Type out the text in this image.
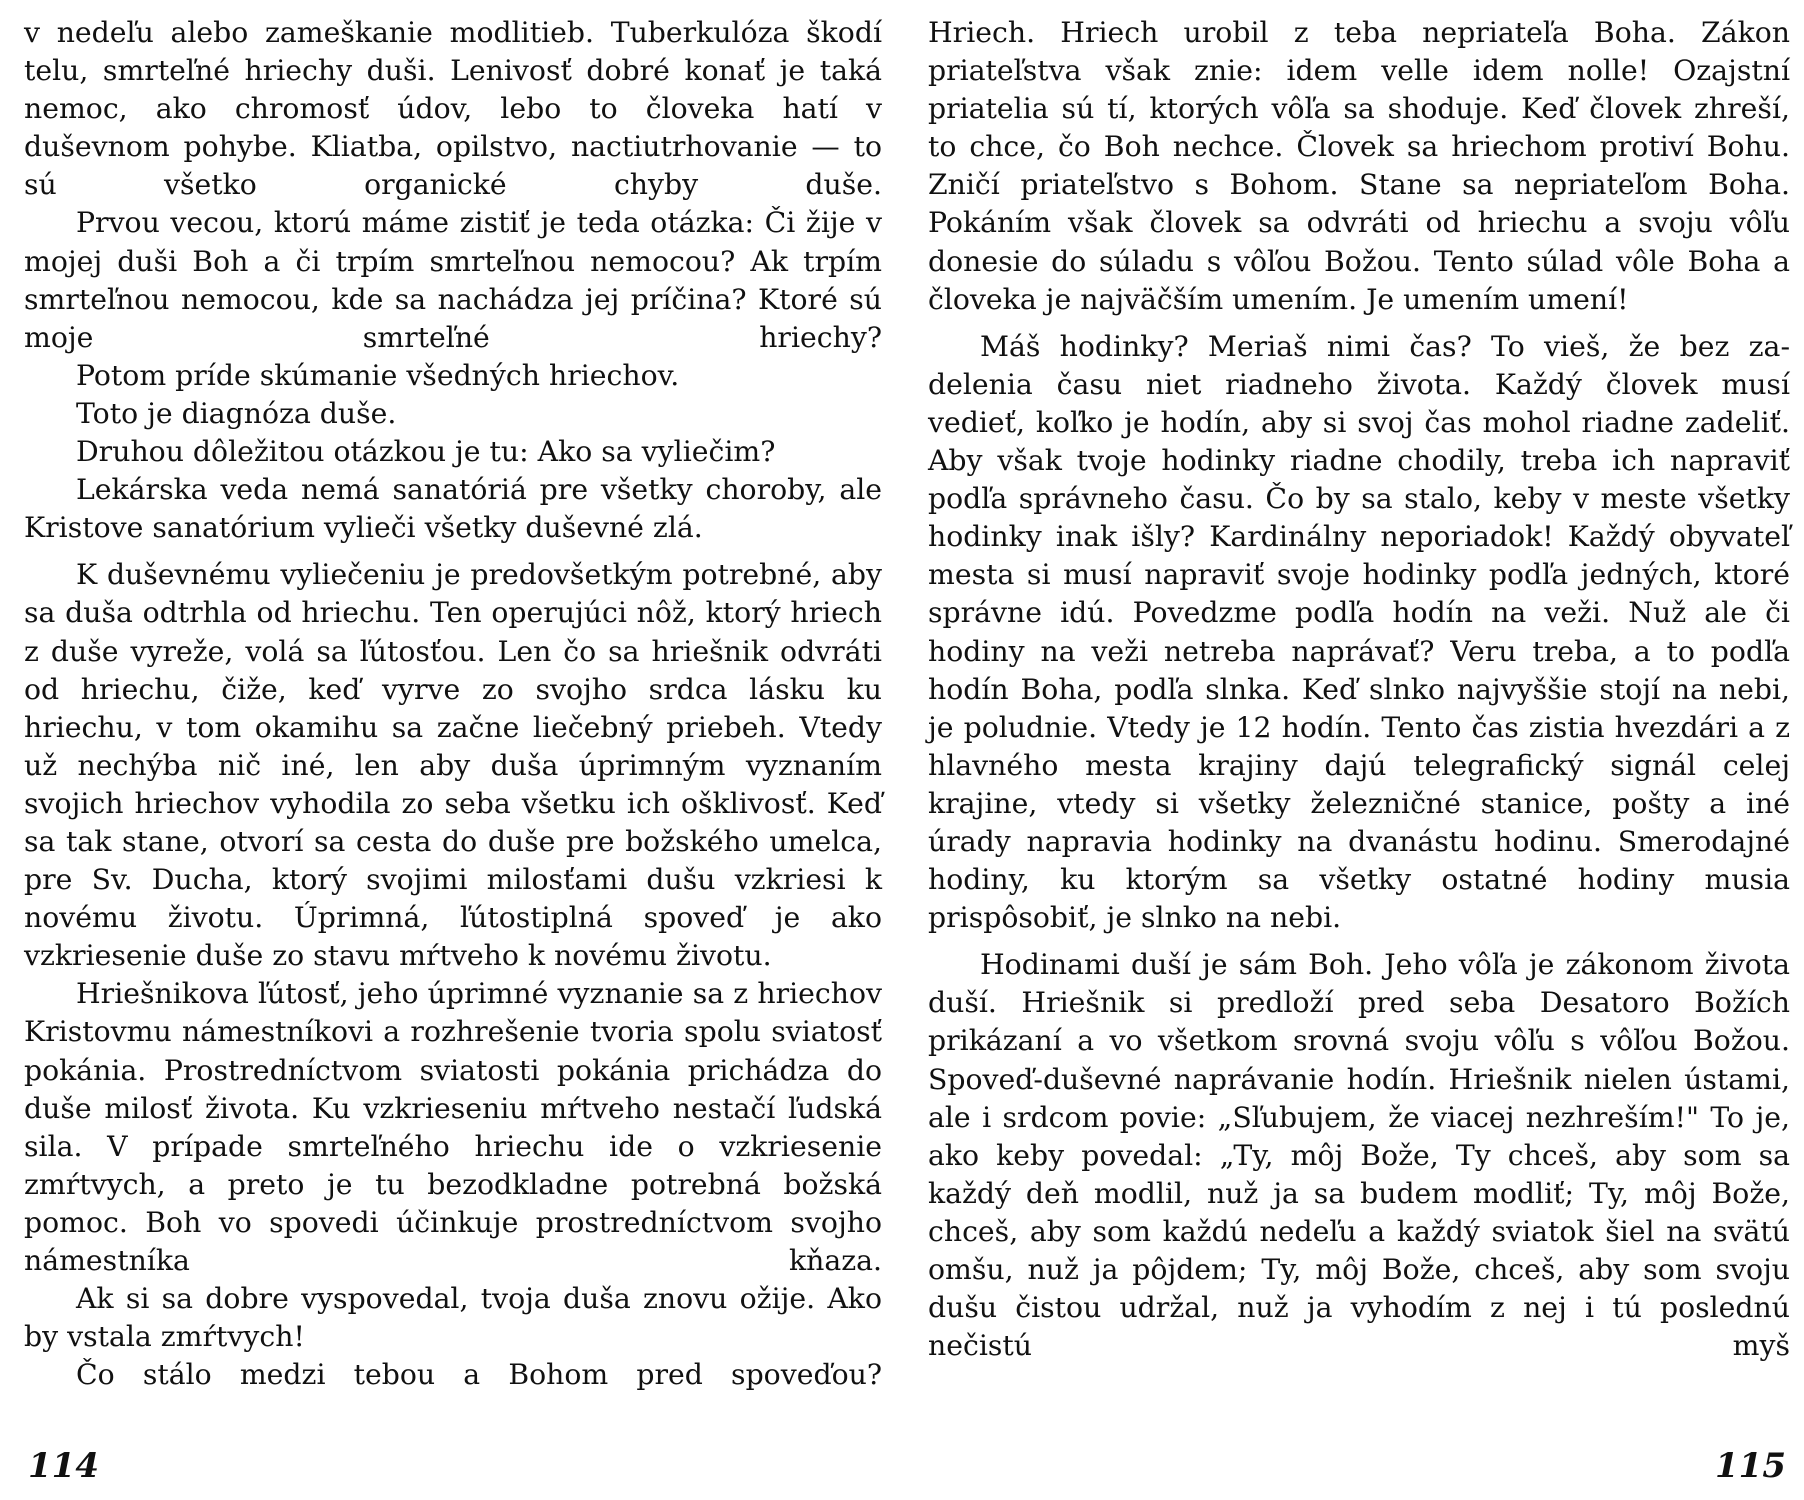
v nedeľu alebo zameškanie modlitieb. Tuberkulóza škodí telu, smrteľné hriechy duši. Lenivosť dobré konať je taká nemoc, ako chromosť údov, lebo to človeka hatí v duševnom pohybe. Kliatba, opilstvo, nactiutrhovanie — to sú všetko organické chyby duše.

Prvou vecou, ktorú máme zistiť je teda otázka: Či žije v mojej duši Boh a či trpím smrteľnou nemocou? Ak trpím smrteľnou nemocou, kde sa nachádza jej príčina? Ktoré sú moje smrteľné hriechy?

Potom príde skúmanie všedných hriechov.

Toto je diagnóza duše.

Druhou dôležitou otázkou je tu: Ako sa vyliečim?

Lekárska veda nemá sanatóriá pre všetky choroby, ale Kristove sanatórium vylieči všetky duševné zlá.

K duševnému vyliečeniu je predovšetkým potrebné, aby sa duša odtrhla od hriechu. Ten operujúci nôž, ktorý hriech z duše vyreže, volá sa ľútosťou. Len čo sa hriešnik odvráti od hriechu, čiže, keď vyrve zo svojho srdca lásku ku hriechu, v tom okamihu sa začne liečebný priebeh. Vtedy už nechýba nič iné, len aby duša úprimným vyznaním svojich hriechov vyhodila zo seba všetku ich ošklivosť. Keď sa tak stane, otvorí sa cesta do duše pre božského umelca, pre Sv. Ducha, ktorý svojimi milosťami dušu vzkriesi k novému životu. Úprimná, ľútostiplná spoveď je ako vzkriesenie duše zo stavu mŕtveho k novému životu.

Hriešnikova ľútosť, jeho úprimné vyznanie sa z hriechov Kristovmu námestníkovi a rozhrešenie tvoria spolu sviatosť pokánia. Prostredníctvom sviatosti pokánia prichádza do duše milosť života. Ku vzkrieseniu mŕtveho nestačí ľudská sila. V prípade smrteľného hriechu ide o vzkriesenie zmŕtvych, a preto je tu bezodkladne potrebná božská pomoc. Boh vo spovedi účinkuje prostredníctvom svojho námestníka kňaza.

Ak si sa dobre vyspovedal, tvoja duša znovu ožije. Ako by vstala zmŕtvych!

Čo stálo medzi tebou a Bohom pred spoveďou?

114

Hriech. Hriech urobil z teba nepriateľa Boha. Zákon priateľstva však znie: idem velle idem nolle! Ozajstní priatelia sú tí, ktorých vôľa sa shoduje. Keď človek zhreší, to chce, čo Boh nechce. Človek sa hriechom protiví Bohu. Zničí priateľstvo s Bohom. Stane sa nepriateľom Boha. Pokáním však človek sa odvráti od hriechu a svoju vôľu donesie do súladu s vôľou Božou. Tento súlad vôle Boha a človeka je najväčším umením. Je umením umení!

Máš hodinky? Meriaš nimi čas? To vieš, že bez zadelenia času niet riadneho života. Každý človek musí vedieť, koľko je hodín, aby si svoj čas mohol riadne zadeliť. Aby však tvoje hodinky riadne chodily, treba ich napraviť podľa správneho času. Čo by sa stalo, keby v meste všetky hodinky inak išly? Kardinálny neporiadok! Každý obyvateľ mesta si musí napraviť svoje hodinky podľa jedných, ktoré správne idú. Povedzme podľa hodín na veži. Nuž ale či hodiny na veži netreba naprávať? Veru treba, a to podľa hodín Boha, podľa slnka. Keď slnko najvyššie stojí na nebi, je poludnie. Vtedy je 12 hodín. Tento čas zistia hvezdári a z hlavného mesta krajiny dajú telegrafický signál celej krajine, vtedy si všetky železničné stanice, pošty a iné úrady napravia hodinky na dvanástu hodinu. Smerodajné hodiny, ku ktorým sa všetky ostatné hodiny musia prispôsobiť, je slnko na nebi.

Hodinami duší je sám Boh. Jeho vôľa je zákonom života duší. Hriešnik si predloží pred seba Desatoro Božích prikázaní a vo všetkom srovná svoju vôľu s vôľou Božou. Spoveď-duševné naprávanie hodín. Hriešnik nielen ústami, ale i srdcom povie: „Sľubujem, že viacej nezhreším!" To je, ako keby povedal: „Ty, môj Bože, Ty chceš, aby som sa každý deň modlil, nuž ja sa budem modliť; Ty, môj Bože, chceš, aby som každú nedeľu a každý sviatok šiel na svätú omšu, nuž ja pôjdem; Ty, môj Bože, chceš, aby som svoju dušu čistou udržal, nuž ja vyhodím z nej i tú poslednú nečistú myš

115
